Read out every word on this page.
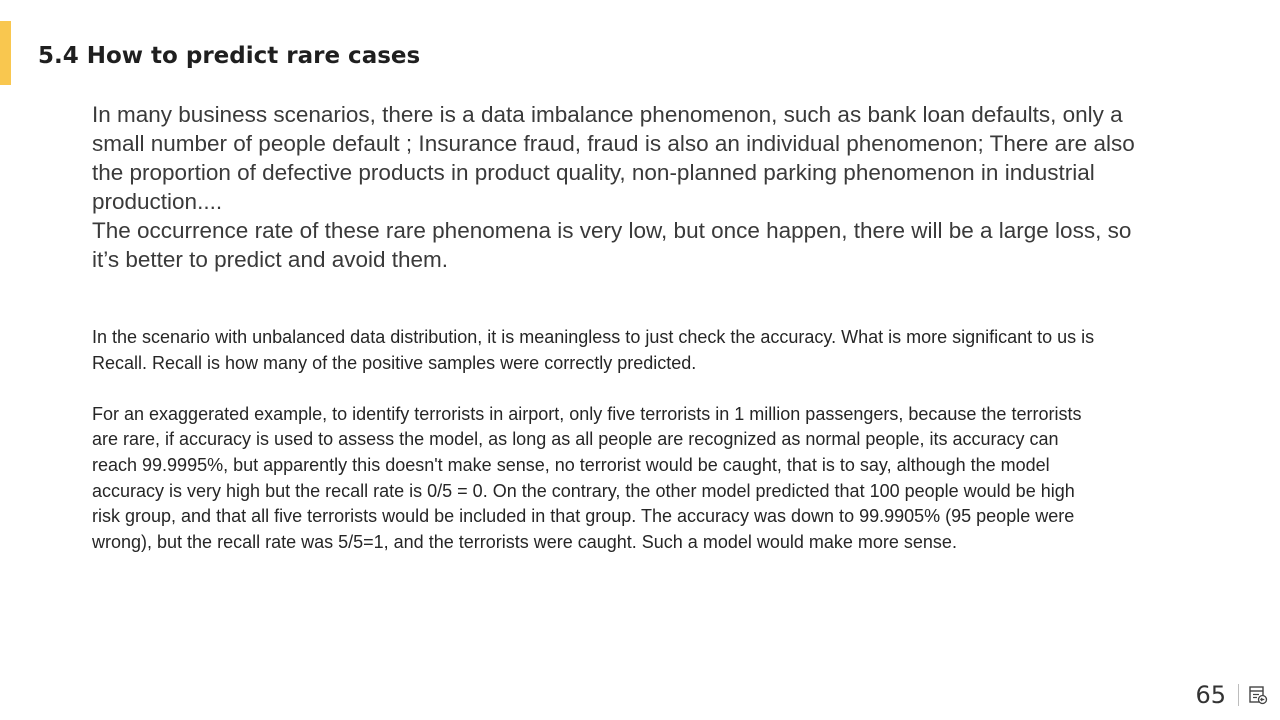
5.4 How to predict rare cases

In many business scenarios, there is a data imbalance phenomenon, such as bank loan defaults, only a small number of people default ; Insurance fraud, fraud is also an individual phenomenon; There are also the proportion of defective products in product quality, non-planned parking phenomenon in industrial production....

The occurrence rate of these rare phenomena is very low, but once happen, there will be a large loss, so it’s better to predict and avoid them.

In the scenario with unbalanced data distribution, it is meaningless to just check the accuracy. What is more significant to us is Recall. Recall is how many of the positive samples were correctly predicted.

For an exaggerated example, to identify terrorists in airport, only five terrorists in 1 million passengers, because the terrorists are rare, if accuracy is used to assess the model, as long as all people are recognized as normal people, its accuracy can reach 99.9995%, but apparently this doesn't make sense, no terrorist would be caught, that is to say, although the model accuracy is very high but the recall rate is 0/5 = 0. On the contrary, the other model predicted that 100 people would be high risk group, and that all five terrorists would be included in that group. The accuracy was down to 99.9905% (95 people were wrong), but the recall rate was 5/5=1, and the terrorists were caught. Such a model would make more sense.

65
